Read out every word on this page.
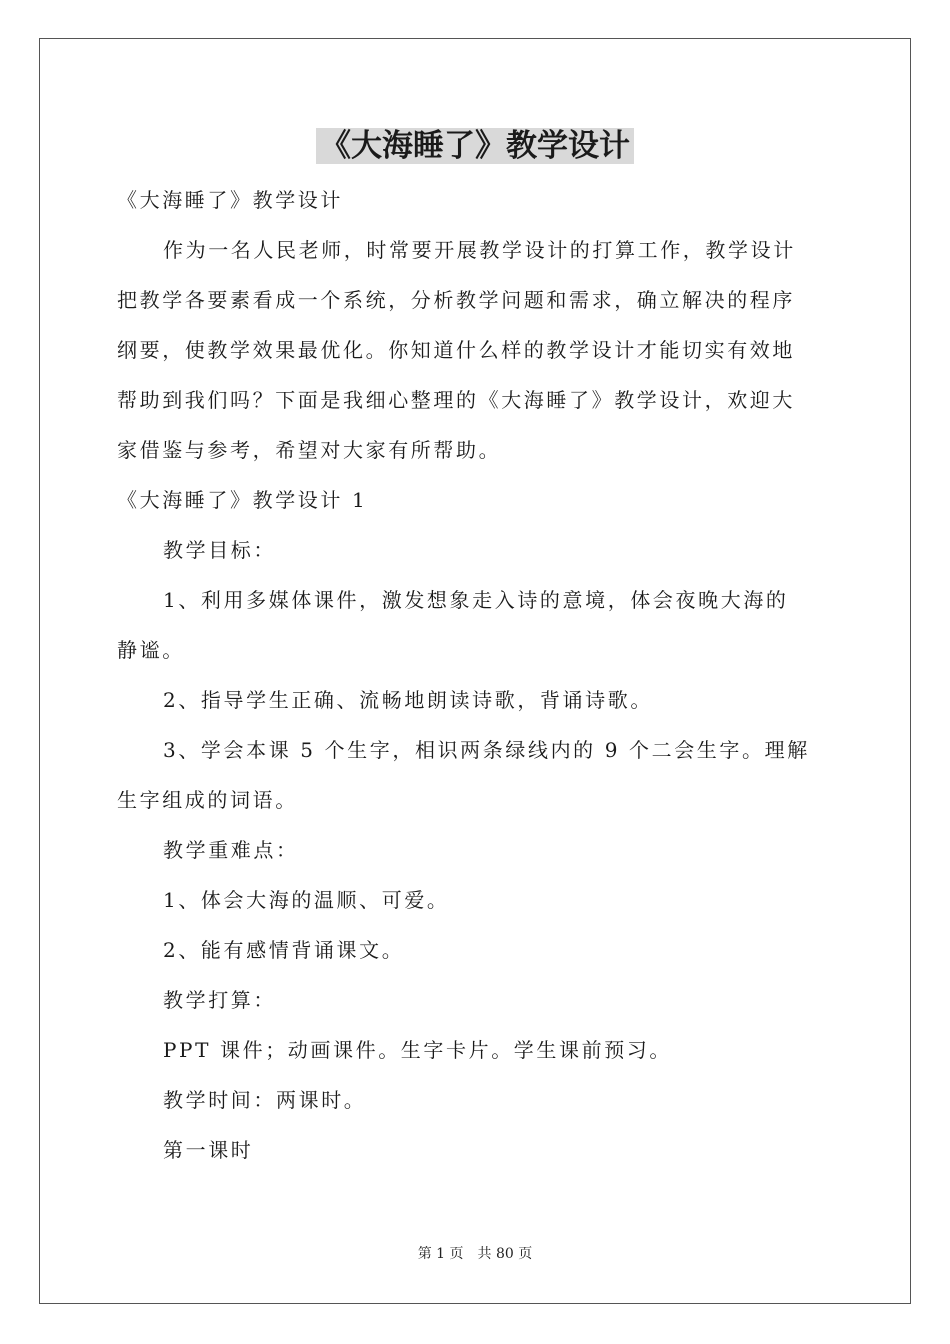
《大海睡了》教学设计
《大海睡了》教学设计
作为一名人民老师，时常要开展教学设计的打算工作，教学设计
把教学各要素看成一个系统，分析教学问题和需求，确立解决的程序
纲要，使教学效果最优化。你知道什么样的教学设计才能切实有效地
帮助到我们吗？下面是我细心整理的《大海睡了》教学设计，欢迎大
家借鉴与参考，希望对大家有所帮助。
《大海睡了》教学设计 1
教学目标：
1、利用多媒体课件，激发想象走入诗的意境，体会夜晚大海的
静谧。
2、指导学生正确、流畅地朗读诗歌，背诵诗歌。
3、学会本课 5 个生字，相识两条绿线内的 9 个二会生字。理解
生字组成的词语。
教学重难点：
1、体会大海的温顺、可爱。
2、能有感情背诵课文。
教学打算：
PPT 课件；动画课件。生字卡片。学生课前预习。
教学时间：两课时。
第一课时
第 1 页 共 80 页
